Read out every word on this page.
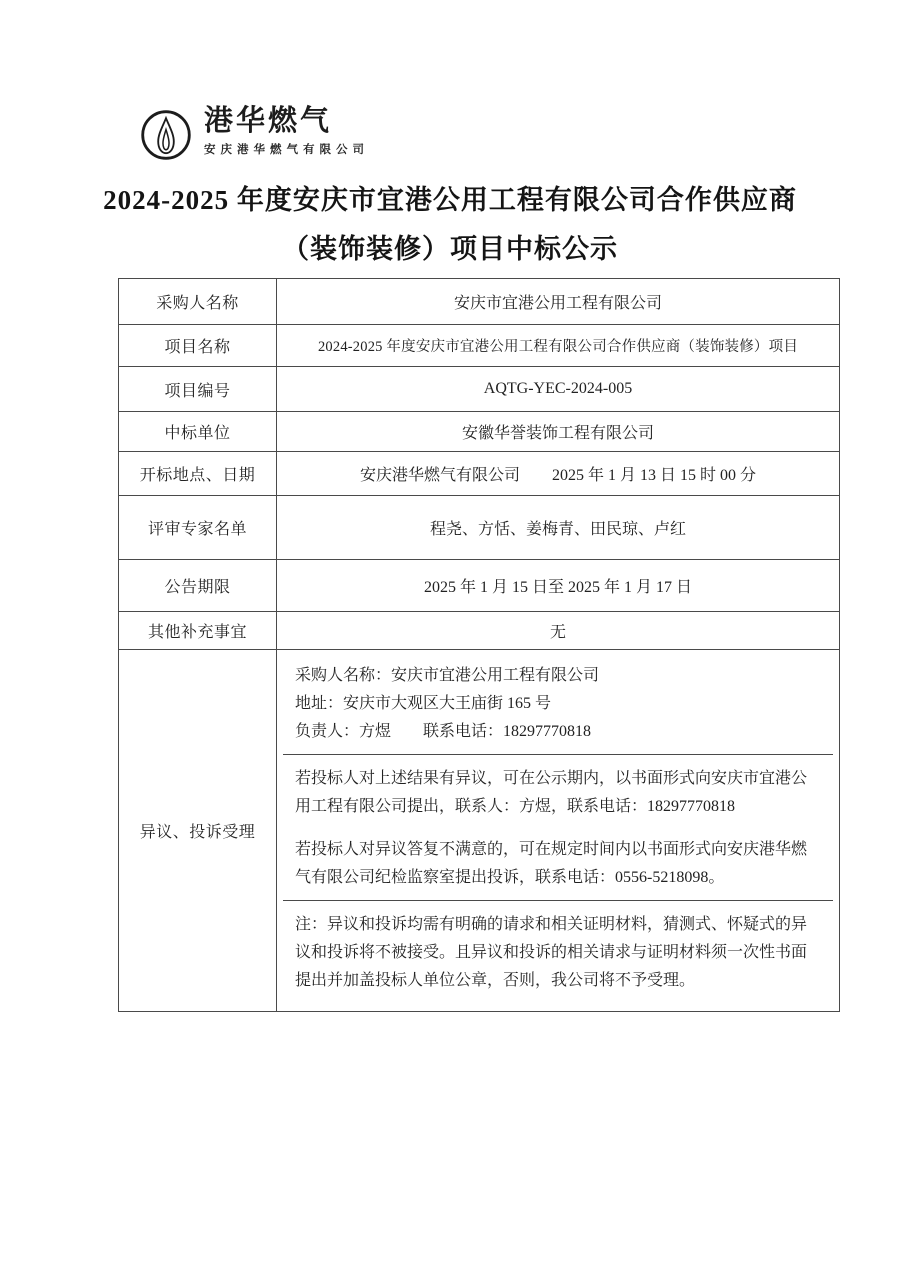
港华燃气
安庆港华燃气有限公司
2024-2025 年度安庆市宜港公用工程有限公司合作供应商
（装饰装修）项目中标公示
采购人名称	安庆市宜港公用工程有限公司
项目名称	2024-2025 年度安庆市宜港公用工程有限公司合作供应商（装饰装修）项目
项目编号	AQTG-YEC-2024-005
中标单位	安徽华誉装饰工程有限公司
开标地点、日期	安庆港华燃气有限公司　　2025 年 1 月 13 日 15 时 00 分
评审专家名单	程尧、方恬、姜梅青、田民琼、卢红
公告期限	2025 年 1 月 15 日至 2025 年 1 月 17 日
其他补充事宜	无
异议、投诉受理	
采购人名称：安庆市宜港公用工程有限公司
地址：安庆市大观区大王庙街 165 号
负责人：方煜　　联系电话：18297770818
若投标人对上述结果有异议，可在公示期内，以书面形式向安庆市宜港公用工程有限公司提出，联系人：方煜，联系电话：18297770818
若投标人对异议答复不满意的，可在规定时间内以书面形式向安庆港华燃气有限公司纪检监察室提出投诉，联系电话：0556-5218098。
注：异议和投诉均需有明确的请求和相关证明材料，猜测式、怀疑式的异议和投诉将不被接受。且异议和投诉的相关请求与证明材料须一次性书面提出并加盖投标人单位公章，否则，我公司将不予受理。
